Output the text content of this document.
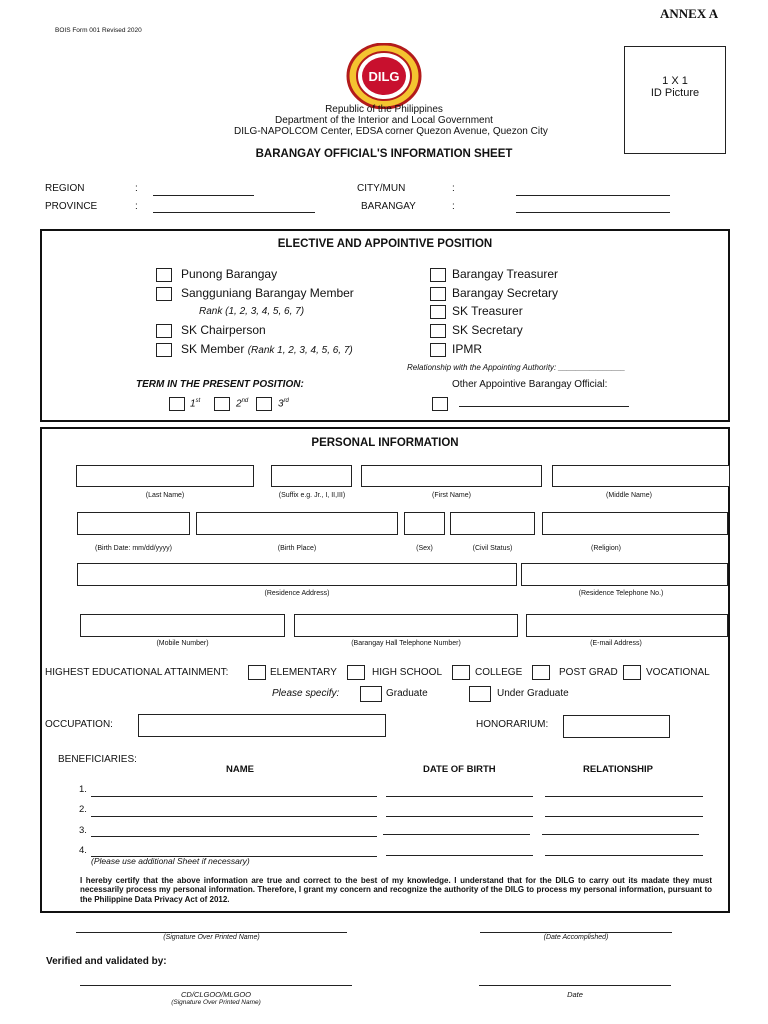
ANNEX A
BOIS Form 001 Revised 2020
DILG	1 X 1
ID Picture
Republic of the Philippines
Department of the Interior and Local Government
DILG-NAPOLCOM Center, EDSA corner Quezon Avenue, Quezon City
BARANGAY OFFICIAL'S INFORMATION SHEET
REGION	:
PROVINCE	:
CITY/MUN	:
BARANGAY	:
ELECTIVE AND APPOINTIVE POSITION
Punong Barangay
Sangguniang Barangay Member
Rank (1, 2, 3, 4, 5, 6, 7)
SK Chairperson
SK Member (Rank 1, 2, 3, 4, 5, 6, 7)
Barangay Treasurer
Barangay Secretary
SK Treasurer
SK Secretary
IPMR
Relationship with the Appointing Authority: _______________
TERM IN THE PRESENT POSITION:
1st	2nd	3rd
Other Appointive Barangay Official:
PERSONAL INFORMATION
(Last Name)	(Suffix e.g. Jr., I, II,III)	(First Name)	(Middle Name)
(Birth Date: mm/dd/yyyy)	(Birth Place)	(Sex)	(Civil Status)	(Religion)
(Residence Address)	(Residence Telephone No.)
(Mobile Number)	(Barangay Hall Telephone Number)	(E-mail Address)
HIGHEST EDUCATIONAL ATTAINMENT:	ELEMENTARY	HIGH SCHOOL	COLLEGE	POST GRAD	VOCATIONAL
Please specify:	Graduate	Under Graduate
OCCUPATION:	HONORARIUM:
BENEFICIARIES:
NAME	DATE OF BIRTH	RELATIONSHIP
1.
2.
3.
4.
(Please use additional Sheet if necessary)
I hereby certify that the above information are true and correct to the best of my knowledge. I understand that for the DILG to carry out its madate they must necessarily process my personal information. Therefore, I grant my concern and recognize the authority of the DILG to process my personal information, pursuant to the Philippine Data Privacy Act of 2012.
(Signature Over Printed Name)	(Date Accomplished)
Verified and validated by:
CD/CLGOO/MLGOO
(Signature Over Printed Name)
Date
